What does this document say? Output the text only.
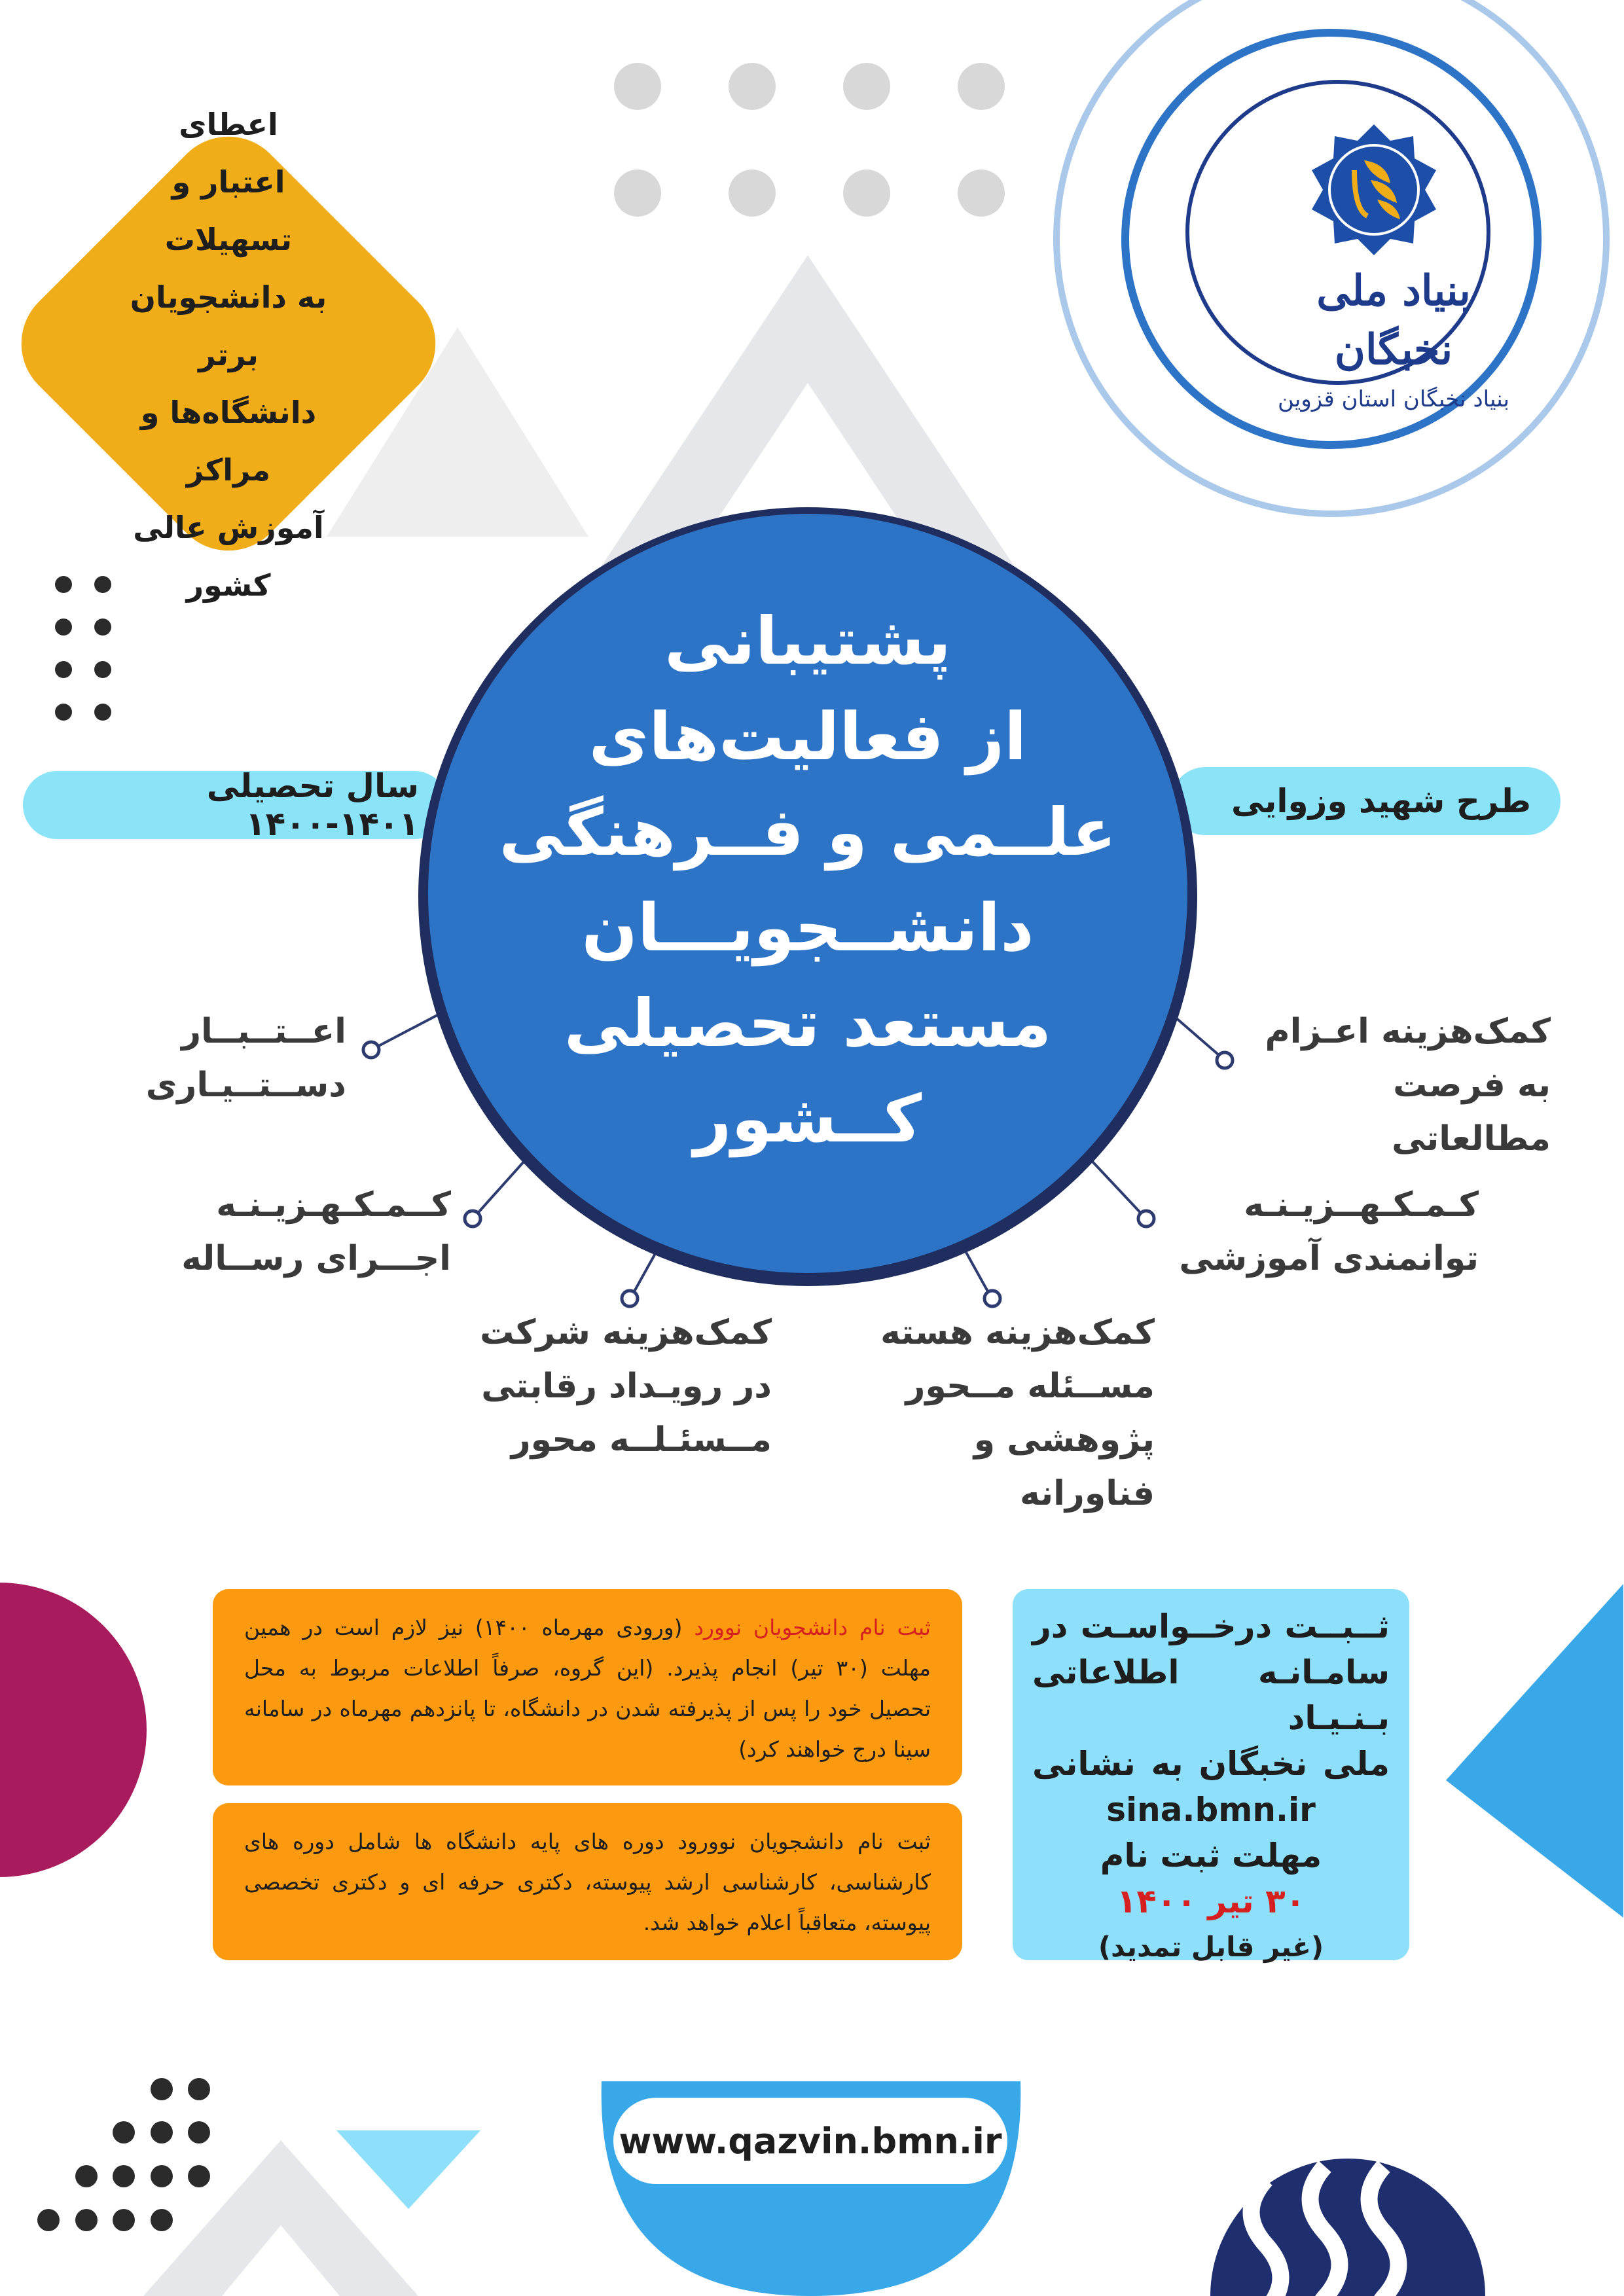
بنیاد ملی نخبگان
بنیاد نخبگان استان قزوین
اعطای
اعتبار و تسهیلات
به دانشجویان برتر
دانشگاه‌ها و مراکز
آموزش عالی
کشور
سال تحصیلی ۱۴۰۱-۱۴۰۰
طرح شهید وزوایی
پشتیبانی
از فعالیت‌های
علــمی و فــرهنگی
دانشــجویـــان
مستعد تحصیلی
کــشور
اعــتــبــار
دســتــیـاری
کــمـکـهـزیـنـه
اجـــرای رســاله
کمک‌هزینه شرکت
در رویـداد رقابتی
مــسئـلــه محور
کمک‌هزینه هسته
مســئله مــحور
پژوهشی و فناورانه
کـمـکـهــزیـنـه
توانمندی آموزشی
کمک‌هزینه اعـزام
به فرصت مطالعاتی
ثبت نام دانشجویان نوورد (ورودی مهرماه ۱۴۰۰) نیز لازم است در همین مهلت (۳۰ تیر) انجام پذیرد. (این گروه، صرفاً اطلاعات مربوط به محل تحصیل خود را پس از پذیرفته شدن در دانشگاه، تا پانزدهم مهرماه در سامانه سینا درج خواهند کرد)
ثبت نام دانشجویان نوورود دوره های پایه دانشگاه ها شامل دوره های کارشناسی، کارشناسی ارشد پیوسته، دکتری حرفه ای و دکتری تخصصی پیوسته، متعاقباً اعلام خواهد شد.
ثــبــت درخــواسـت در
سامـانـه اطلاعاتی بـنـیـاد
ملی نخبگان به نشانی
sina.bmn.ir
مهلت ثبت نام
۳۰ تیر ۱۴۰۰
(غیر قابل تمدید)
www.qazvin.bmn.ir
